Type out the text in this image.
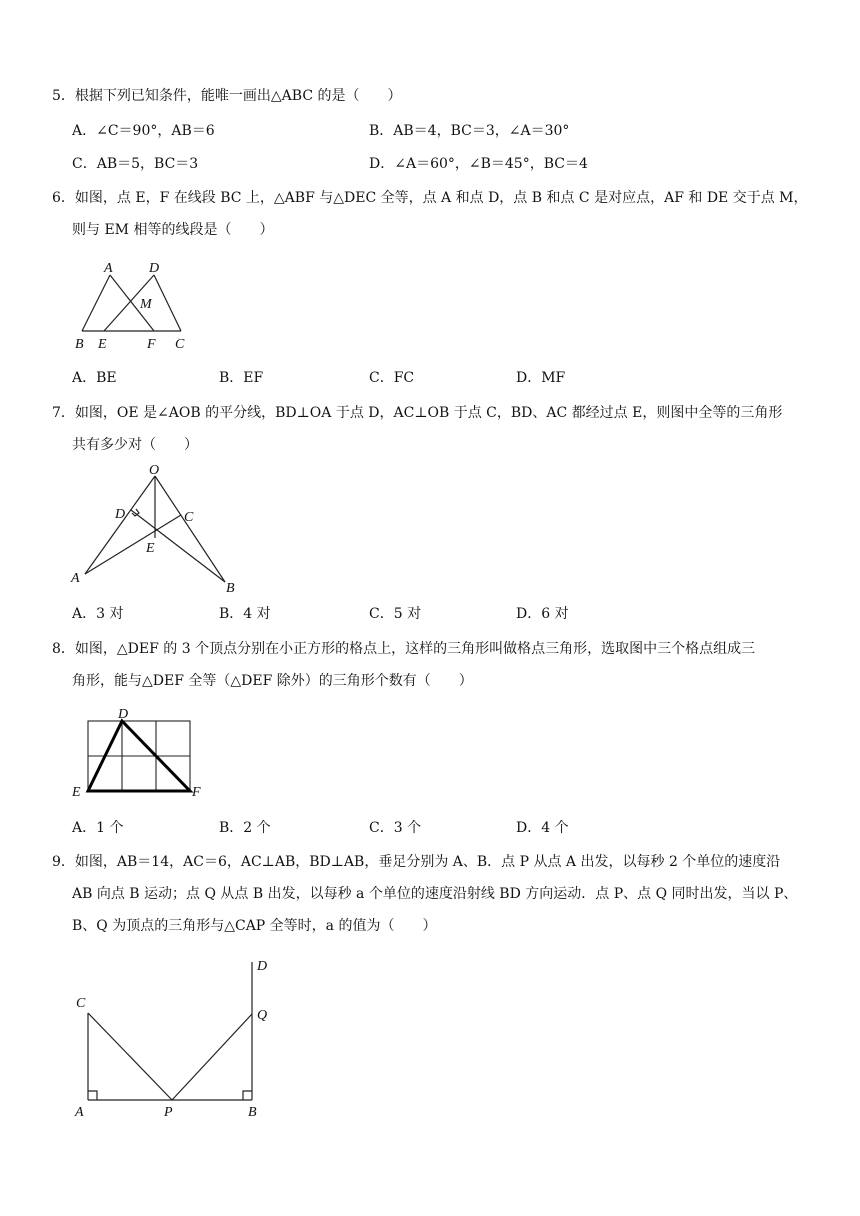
5．根据下列已知条件，能唯一画出△ABC 的是（　　）
A．∠C＝90°，AB＝6	B．AB＝4，BC＝3，∠A＝30°
C．AB＝5，BC＝3	D．∠A＝60°，∠B＝45°，BC＝4
6．如图，点 E，F 在线段 BC 上，△ABF 与△DEC 全等，点 A 和点 D，点 B 和点 C 是对应点，AF 和 DE 交于点 M，
则与 EM 相等的线段是（　　）
A	D
M
B E	F C
A．BE	B．EF	C．FC	D．MF
7．如图，OE 是∠AOB 的平分线，BD⊥OA 于点 D，AC⊥OB 于点 C，BD、AC 都经过点 E，则图中全等的三角形
共有多少对（　　）
O
D	C
E
A
B
A．3 对	B．4 对	C．5 对	D．6 对
8．如图，△DEF 的 3 个顶点分别在小正方形的格点上，这样的三角形叫做格点三角形，选取图中三个格点组成三
角形，能与△DEF 全等（△DEF 除外）的三角形个数有（　　）
D
E	F
A．1 个	B．2 个	C．3 个	D．4 个
9．如图，AB＝14，AC＝6，AC⊥AB，BD⊥AB，垂足分别为 A、B．点 P 从点 A 出发，以每秒 2 个单位的速度沿
AB 向点 B 运动；点 Q 从点 B 出发，以每秒 a 个单位的速度沿射线 BD 方向运动．点 P、点 Q 同时出发，当以 P、
B、Q 为顶点的三角形与△CAP 全等时，a 的值为（　　）
D
C
Q
A	P	B
